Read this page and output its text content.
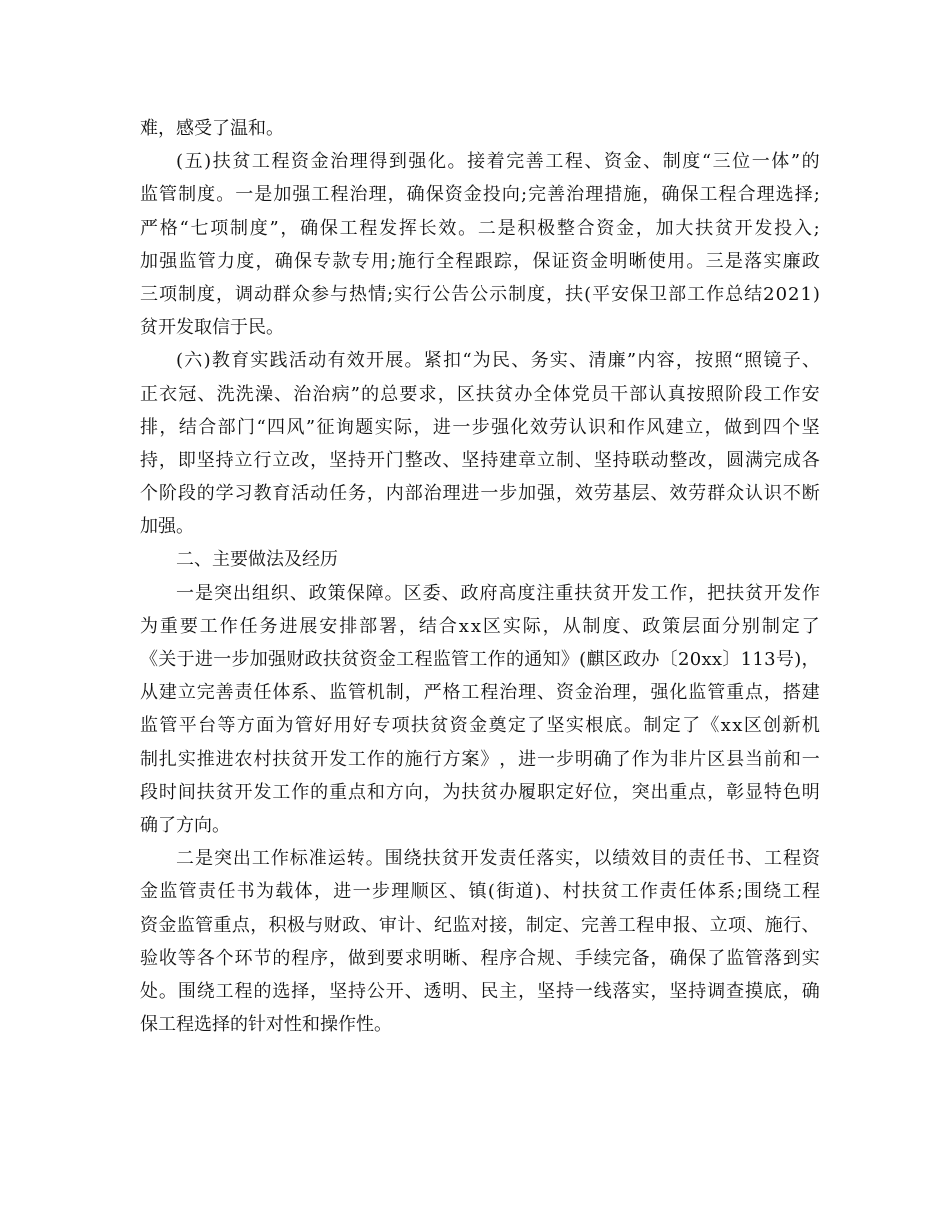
难，感受了温和。
( 五 ) 扶 贫 工 程 资 金 治 理 得 到 强 化 。 接 着 完 善 工 程 、 资 金 、 制 度 “ 三 位 一 体 ” 的
监 管 制 度 。 一 是 加 强 工 程 治 理 ， 确 保 资 金 投 向 ; 完 善 治 理 措 施 ， 确 保 工 程 合 理 选 择 ;
严 格 “ 七 项 制 度 ” ， 确 保 工 程 发 挥 长 效 。 二 是 积 极 整 合 资 金 ， 加 大 扶 贫 开 发 投 入 ;
加 强 监 管 力 度 ， 确 保 专 款 专 用 ; 施 行 全 程 跟 踪 ， 保 证 资 金 明 晰 使 用 。 三 是 落 实 廉 政
三 项 制 度 ， 调 动 群 众 参 与 热 情 ; 实 行 公 告 公 示 制 度 ， 扶 ( 平 安 保 卫 部 工 作 总 结 2 0 2 1 )
贫开发取信于民。
( 六 ) 教 育 实 践 活 动 有 效 开 展 。 紧 扣 “ 为 民 、 务 实 、 清 廉 ” 内 容 ， 按 照 “ 照 镜 子 、
正 衣 冠 、 洗 洗 澡 、 治 治 病 ” 的 总 要 求 ， 区 扶 贫 办 全 体 党 员 干 部 认 真 按 照 阶 段 工 作 安
排 ， 结 合 部 门 “ 四 风 ” 征 询 题 实 际 ， 进 一 步 强 化 效 劳 认 识 和 作 风 建 立 ， 做 到 四 个 坚
持 ， 即 坚 持 立 行 立 改 ， 坚 持 开 门 整 改 、 坚 持 建 章 立 制 、 坚 持 联 动 整 改 ， 圆 满 完 成 各
个 阶 段 的 学 习 教 育 活 动 任 务 ， 内 部 治 理 进 一 步 加 强 ， 效 劳 基 层 、 效 劳 群 众 认 识 不 断
加强。
二、主要做法及经历
一 是 突 出 组 织 、 政 策 保 障 。 区 委 、 政 府 高 度 注 重 扶 贫 开 发 工 作 ， 把 扶 贫 开 发 作
为 重 要 工 作 任 务 进 展 安 排 部 署 ， 结 合 x x 区 实 际 ， 从 制 度 、 政 策 层 面 分 别 制 定 了
《 关 于 进 一 步 加 强 财 政 扶 贫 资 金 工 程 监 管 工 作 的 通 知 》 ( 麒 区 政 办 〔 2 0 x x 〕 1 1 3 号 ) ，
从 建 立 完 善 责 任 体 系 、 监 管 机 制 ， 严 格 工 程 治 理 、 资 金 治 理 ， 强 化 监 管 重 点 ， 搭 建
监 管 平 台 等 方 面 为 管 好 用 好 专 项 扶 贫 资 金 奠 定 了 坚 实 根 底 。 制 定 了 《 x x 区 创 新 机
制 扎 实 推 进 农 村 扶 贫 开 发 工 作 的 施 行 方 案 》 ， 进 一 步 明 确 了 作 为 非 片 区 县 当 前 和 一
段 时 间 扶 贫 开 发 工 作 的 重 点 和 方 向 ， 为 扶 贫 办 履 职 定 好 位 ， 突 出 重 点 ， 彰 显 特 色 明
确了方向。
二 是 突 出 工 作 标 准 运 转 。 围 绕 扶 贫 开 发 责 任 落 实 ， 以 绩 效 目 的 责 任 书 、 工 程 资
金 监 管 责 任 书 为 载 体 ， 进 一 步 理 顺 区 、 镇 ( 街 道 ) 、 村 扶 贫 工 作 责 任 体 系 ; 围 绕 工 程
资 金 监 管 重 点 ， 积 极 与 财 政 、 审 计 、 纪 监 对 接 ， 制 定 、 完 善 工 程 申 报 、 立 项 、 施 行 、
验 收 等 各 个 环 节 的 程 序 ， 做 到 要 求 明 晰 、 程 序 合 规 、 手 续 完 备 ， 确 保 了 监 管 落 到 实
处 。 围 绕 工 程 的 选 择 ， 坚 持 公 开 、 透 明 、 民 主 ， 坚 持 一 线 落 实 ， 坚 持 调 查 摸 底 ， 确
保工程选择的针对性和操作性。
